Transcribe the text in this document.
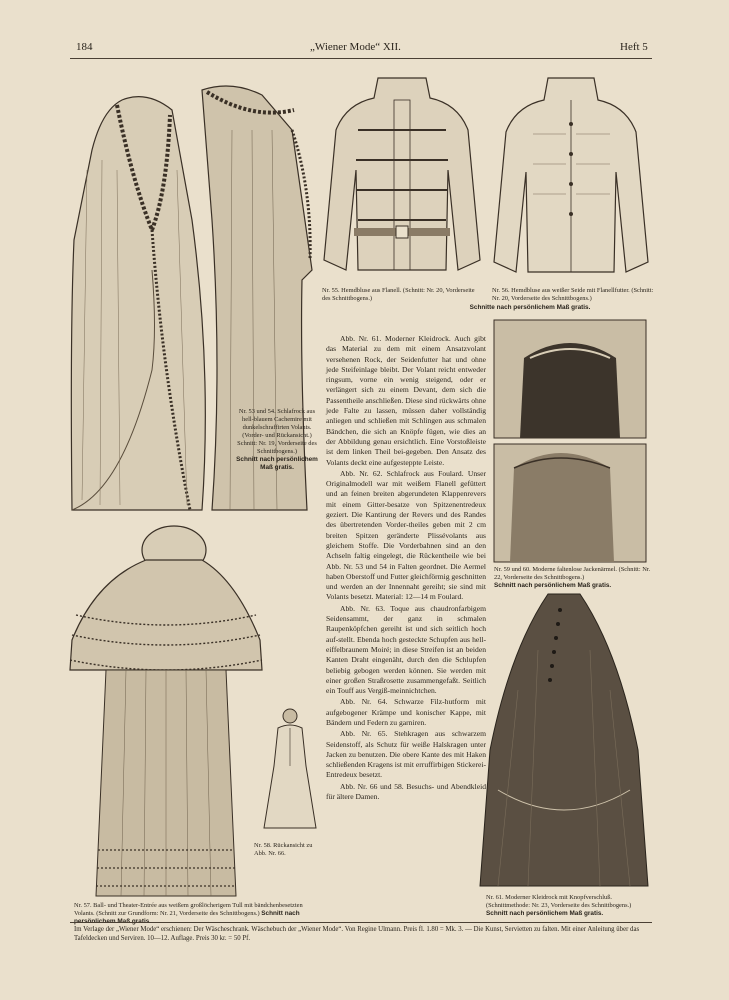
184	„Wiener Mode“ XII.	Heft 5
Nr. 53 und 54. Schlafrock aus hell-blauem Cachemire mit dunkelschraffirten Volants. (Vorder- und Rückansicht.) Schnitt: Nr. 19, Vorderseite des Schnittbogens.)
Schnitt nach persönlichem Maß gratis.
Nr. 55. Hemdbluse aus Flanell. (Schnitt: Nr. 20, Vorderseite des Schnittbogens.)
Nr. 56. Hemdbluse aus weißer Seide mit Flanellfutter. (Schnitt: Nr. 20, Vorderseite des Schnittbogens.)
Schnitte nach persönlichem Maß gratis.

Abb. Nr. 61. Moderner Kleidrock. Auch gibt das Material zu dem mit einem Ansatzvolant versehenen Rock, der Seidenfutter hat und ohne jede Steifeinlage bleibt. Der Volant reicht entweder ringsum, vorne ein wenig steigend, oder er verlängert sich zu einem Devant, dem sich die Passentheile anschließen. Diese sind rückwärts ohne jede Falte zu lassen, müssen daher vollständig anliegen und schließen mit Schlingen aus schmalen Bändchen, die sich an Knöpfe fügen, wie dies an der Abbildung genau ersichtlich. Eine Vorstoßleiste ist dem linken Theil bei-gegeben. Den Ansatz des Volants deckt eine aufgesteppte Leiste.

Abb. Nr. 62. Schlafrock aus Foulard. Unser Originalmodell war mit weißem Flanell gefüttert und an feinen breiten abgerundeten Klappenrevers mit einem Gitter-besatze von Spitzenentredeux geziert. Die Kantirung der Revers und des Randes des übertretenden Vorder-theiles geben mit 2 cm breiten Spitzen geränderte Plissévolants aus gleichem Stoffe. Die Vorderbahnen sind an den Achseln faltig eingelegt, die Rückentheile wie bei Abb. Nr. 53 und 54 in Falten geordnet. Die Aermel haben Oberstoff und Futter gleichförmig geschnitten und werden an der Innennaht gereiht; sie sind mit Volants besetzt. Material: 12—14 m Foulard.

Abb. Nr. 63. Toque aus chaudronfarbigem Seidensammt, der ganz in schmalen Raupenköpfchen gereiht ist und sich seitlich hoch auf-stellt. Ebenda hoch gesteckte Schupfen aus hell-eiffelbraunem Moiré; in diese Streifen ist an beiden Kanten Draht eingenäht, durch den die Schlupfen beliebig gebogen werden können. Sie werden mit einer großen Straßrosette zusammengefaßt. Seitlich ein Touff aus Vergiß-meinnichtchen.

Abb. Nr. 64. Schwarze Filz-hutform mit aufgebogener Krämpe und konischer Kappe, mit Bändern und Federn zu garniren.

Abb. Nr. 65. Stehkragen aus schwarzem Seidenstoff, als Schutz für weiße Halskragen unter Jacken zu benutzen. Die obere Kante des mit Haken schließenden Kragens ist mit erruffirbigen Stickerei-Entredeux besetzt.

Abb. Nr. 66 und 58. Besuchs- und Abendkleid für ältere Damen.

Nr. 59 und 60. Moderne faltenlose Jackenärmel. (Schnitt: Nr. 22, Vorderseite des Schnittbogens.)
Schnitt nach persönlichem Maß gratis.
Nr. 58. Rückansicht zu Abb. Nr. 66.
Nr. 57. Ball- und Theater-Entrée aus weißem großlöcherigem Tull mit bändchenbesetzten Volants. (Schnitt zur Grundform: Nr. 21, Vorderseite des Schnittbogens.) Schnitt nach
Nr. 61. Moderner Kleidrock mit Knopfverschluß. (Schnittmethode: Nr. 23, Vorderseite des Schnittbogens.)
Schnitt nach persönlichem Maß gratis.
Im Verlage der „Wiener Mode“ erschienen: Der Wäscheschrank. Wäschebuch der „Wiener Mode“. Von Regine Ulmann. Preis fl. 1.80 = Mk. 3. — Die Kunst, Servietten zu falten. Mit einer Anleitung über das Tafeldecken und Serviren. 10—12. Auflage. Preis 30 kr. = 50 Pf.
